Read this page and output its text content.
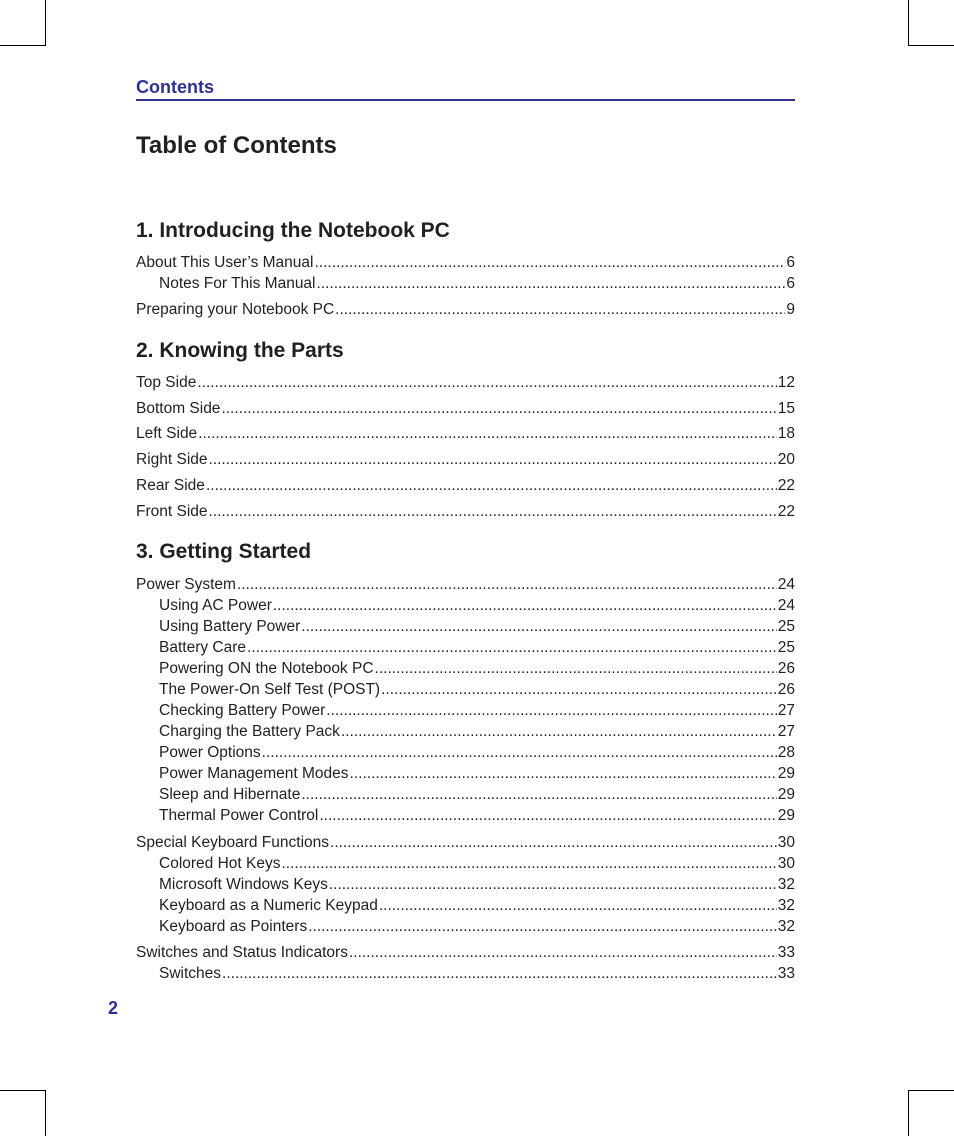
Contents
Table of Contents
1. Introducing the Notebook PC
About This User’s Manual .....	6
Notes For This Manual .....	6
Preparing your Notebook PC .....	9
2. Knowing the Parts
Top Side .....	12
Bottom Side .....	15
Left Side .....	18
Right Side .....	20
Rear Side .....	22
Front Side .....	22
3. Getting Started
Power System .....	24
Using AC Power .....	24
Using Battery Power .....	25
Battery Care .....	25
Powering ON the Notebook PC .....	26
The Power-On Self Test (POST) .....	26
Checking Battery Power .....	27
Charging the Battery Pack .....	27
Power Options .....	28
Power Management Modes .....	29
Sleep and Hibernate .....	29
Thermal Power Control .....	29
Special Keyboard Functions .....	30
Colored Hot Keys .....	30
Microsoft Windows Keys .....	32
Keyboard as a Numeric Keypad .....	32
Keyboard as Pointers .....	32
Switches and Status Indicators .....	33
Switches .....	33
2
